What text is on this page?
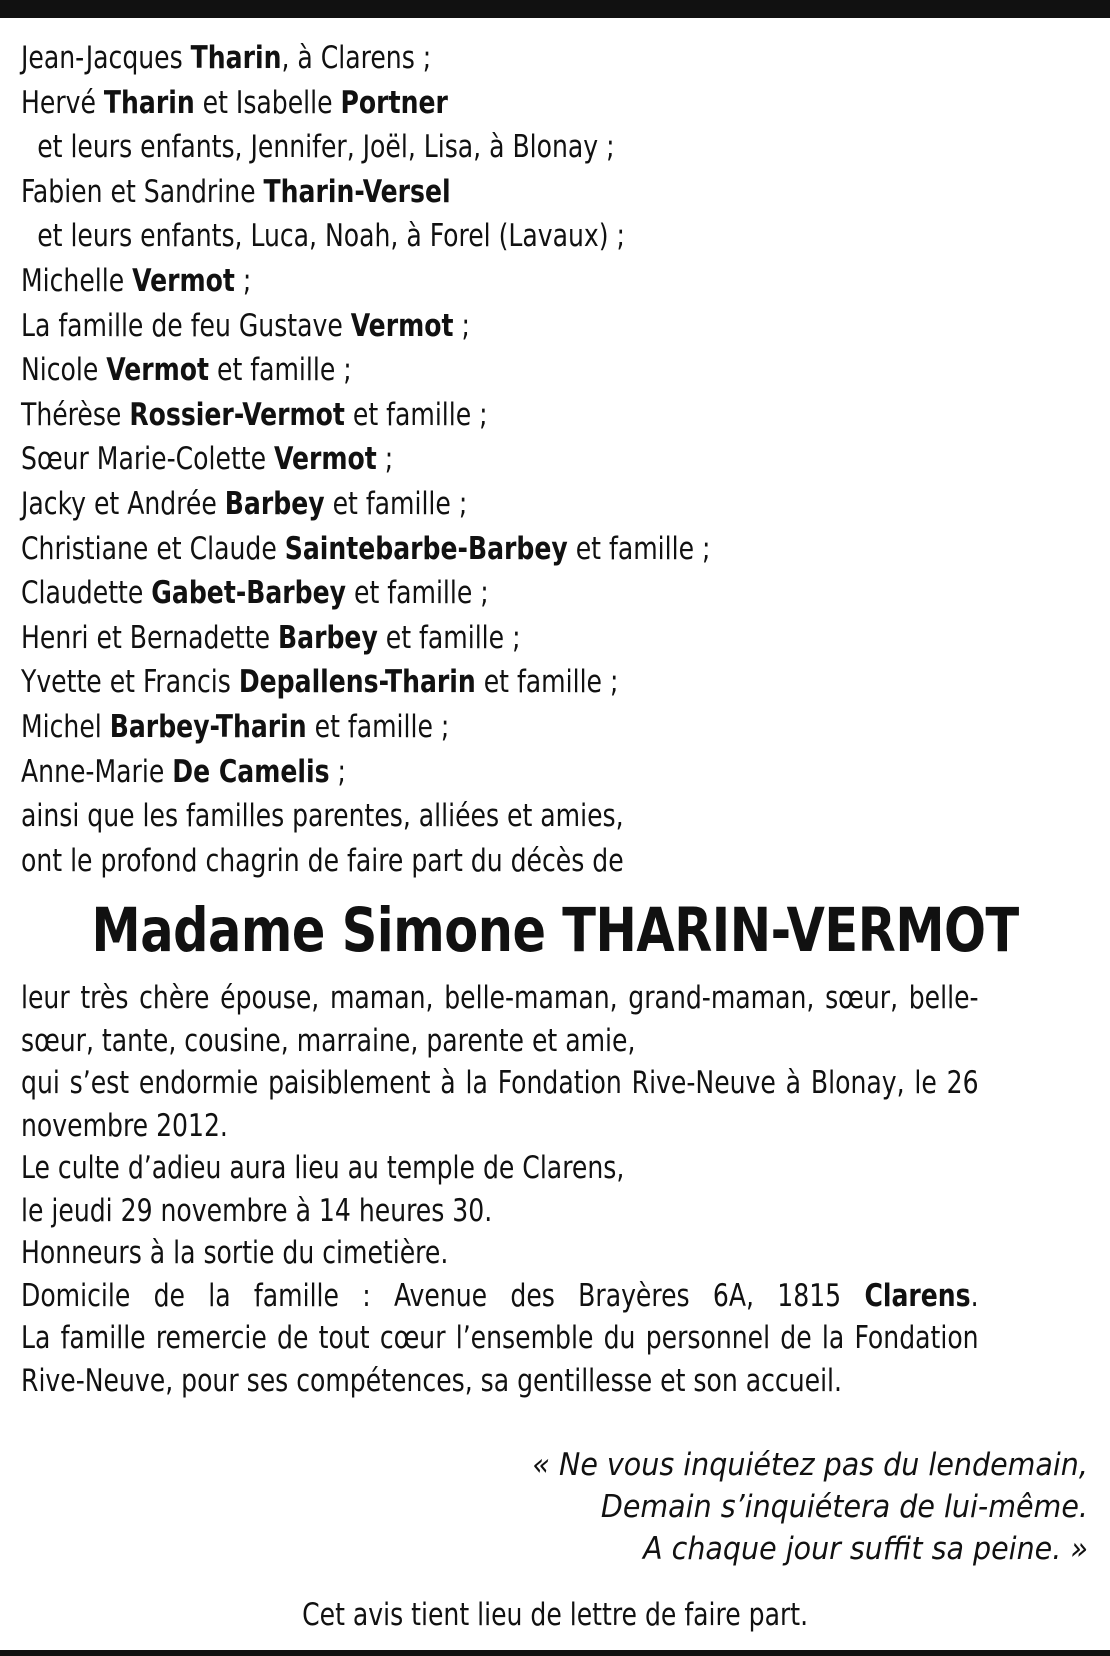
Jean-Jacques Tharin, à Clarens ;
Hervé Tharin et Isabelle Portner
et leurs enfants, Jennifer, Joël, Lisa, à Blonay ;
Fabien et Sandrine Tharin-Versel
et leurs enfants, Luca, Noah, à Forel (Lavaux) ;
Michelle Vermot ;
La famille de feu Gustave Vermot ;
Nicole Vermot et famille ;
Thérèse Rossier-Vermot et famille ;
Sœur Marie-Colette Vermot ;
Jacky et Andrée Barbey et famille ;
Christiane et Claude Saintebarbe-Barbey et famille ;
Claudette Gabet-Barbey et famille ;
Henri et Bernadette Barbey et famille ;
Yvette et Francis Depallens-Tharin et famille ;
Michel Barbey-Tharin et famille ;
Anne-Marie De Camelis ;
ainsi que les familles parentes, alliées et amies,
ont le profond chagrin de faire part du décès de
Madame Simone THARIN-VERMOT

leur très chère épouse, maman, belle-maman, grand-maman, sœur, belle-sœur, tante, cousine, marraine, parente et amie,

qui s’est endormie paisiblement à la Fondation Rive-Neuve à Blonay, le 26 novembre 2012.

Le culte d’adieu aura lieu au temple de Clarens,

le jeudi 29 novembre à 14 heures 30.

Honneurs à la sortie du cimetière.

Domicile de la famille : Avenue des Brayères 6A, 1815 Clarens.

La famille remercie de tout cœur l’ensemble du personnel de la Fondation Rive-Neuve, pour ses compétences, sa gentillesse et son accueil.

« Ne vous inquiétez pas du lendemain,
Demain s’inquiétera de lui-même.
A chaque jour suffit sa peine. »
Cet avis tient lieu de lettre de faire part.
